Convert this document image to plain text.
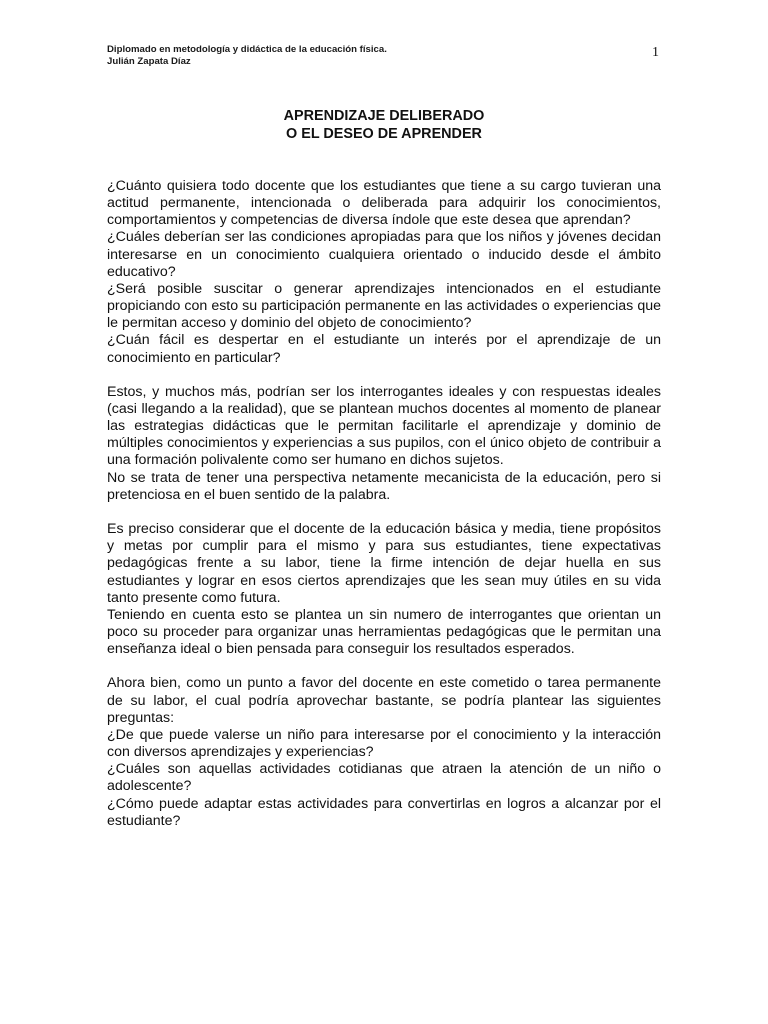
Diplomado en metodología y didáctica de la educación física.
Julián Zapata Díaz
1
APRENDIZAJE DELIBERADO
O EL DESEO DE APRENDER

¿Cuánto quisiera todo docente que los estudiantes que tiene a su cargo tuvieran una actitud permanente, intencionada o deliberada para adquirir los conocimientos, comportamientos y competencias de diversa índole que este desea que aprendan?

¿Cuáles deberían ser las condiciones apropiadas para que los niños y jóvenes decidan interesarse en un conocimiento cualquiera orientado o inducido desde el ámbito educativo?

¿Será posible suscitar o generar aprendizajes intencionados en el estudiante propiciando con esto su participación permanente en las actividades o experiencias que le permitan acceso y dominio del objeto de conocimiento?

¿Cuán fácil es despertar en el estudiante un interés por el aprendizaje de un conocimiento en particular?

Estos, y muchos más, podrían ser los interrogantes ideales y con respuestas ideales (casi llegando a la realidad), que se plantean muchos docentes al momento de planear las estrategias didácticas que le permitan facilitarle el aprendizaje y dominio de múltiples conocimientos y experiencias a sus pupilos, con el único objeto de contribuir a una formación polivalente como ser humano en dichos sujetos.

No se trata de tener una perspectiva netamente mecanicista de la educación, pero si pretenciosa en el buen sentido de la palabra.

Es preciso considerar que el docente de la educación básica y media, tiene propósitos y metas por cumplir para el mismo y para sus estudiantes, tiene expectativas pedagógicas frente a su labor, tiene la firme intención de dejar huella en sus estudiantes y lograr en esos ciertos aprendizajes que les sean muy útiles en su vida tanto presente como futura.

Teniendo en cuenta esto se plantea un sin numero de interrogantes que orientan un poco su proceder para organizar unas herramientas pedagógicas que le permitan una enseñanza ideal o bien pensada para conseguir los resultados esperados.

Ahora bien, como un punto a favor del docente en este cometido o tarea permanente de su labor, el cual podría aprovechar bastante, se podría plantear las siguientes preguntas:

¿De que puede valerse un niño para interesarse por el conocimiento y la interacción con diversos aprendizajes y experiencias?

¿Cuáles son aquellas actividades cotidianas que atraen la atención de un niño o adolescente?

¿Cómo puede adaptar estas actividades para convertirlas en logros a alcanzar por el estudiante?
